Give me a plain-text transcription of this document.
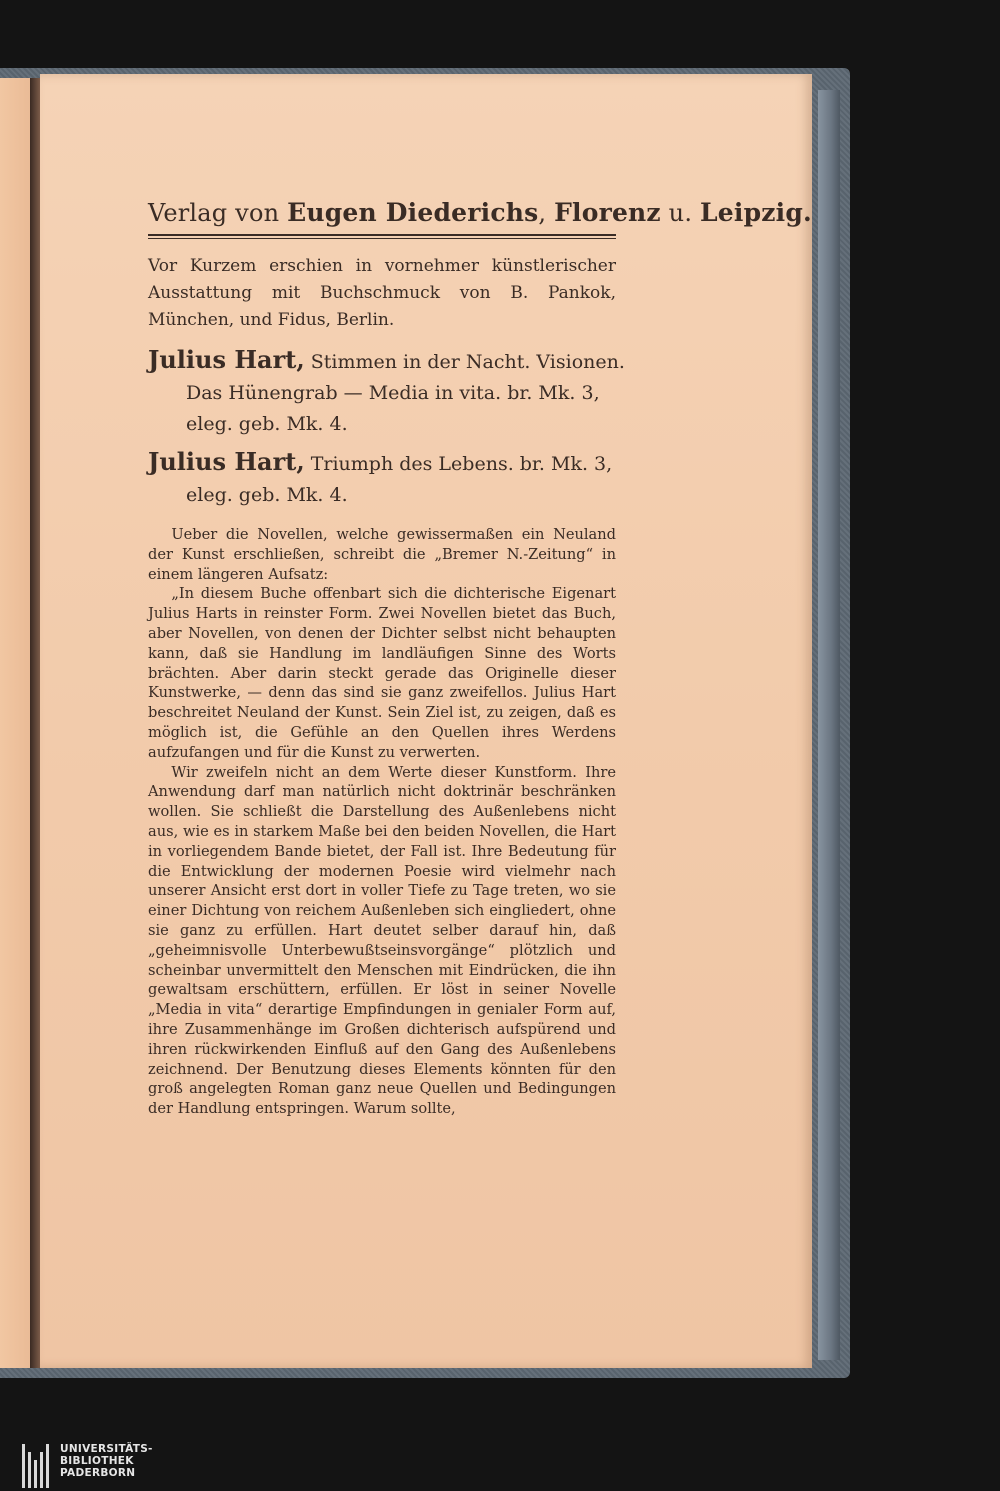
Verlag von Eugen Diederichs, Florenz u. Leipzig.

Vor Kurzem erschien in vornehmer künstlerischer Ausstattung mit Buchschmuck von B. Pankok, München, und Fidus, Berlin.

Julius Hart, Stimmen in der Nacht. Visionen.
Das Hünengrab — Media in vita. br. Mk. 3,
eleg. geb. Mk. 4.
Julius Hart, Triumph des Lebens. br. Mk. 3,
eleg. geb. Mk. 4.

Ueber die Novellen, welche gewissermaßen ein Neuland der Kunst erschließen, schreibt die „Bremer N.-Zeitung“ in einem längeren Aufsatz:

„In diesem Buche offenbart sich die dichterische Eigenart Julius Harts in reinster Form. Zwei Novellen bietet das Buch, aber Novellen, von denen der Dichter selbst nicht behaupten kann, daß sie Handlung im landläufigen Sinne des Worts brächten. Aber darin steckt gerade das Originelle dieser Kunstwerke, — denn das sind sie ganz zweifellos. Julius Hart beschreitet Neuland der Kunst. Sein Ziel ist, zu zeigen, daß es möglich ist, die Gefühle an den Quellen ihres Werdens aufzufangen und für die Kunst zu verwerten.

Wir zweifeln nicht an dem Werte dieser Kunstform. Ihre Anwendung darf man natürlich nicht doktrinär beschränken wollen. Sie schließt die Darstellung des Außenlebens nicht aus, wie es in starkem Maße bei den beiden Novellen, die Hart in vorliegendem Bande bietet, der Fall ist. Ihre Bedeutung für die Entwicklung der modernen Poesie wird vielmehr nach unserer Ansicht erst dort in voller Tiefe zu Tage treten, wo sie einer Dichtung von reichem Außenleben sich eingliedert, ohne sie ganz zu erfüllen. Hart deutet selber darauf hin, daß „geheimnisvolle Unterbewußtseinsvorgänge“ plötzlich und scheinbar unvermittelt den Menschen mit Eindrücken, die ihn gewaltsam erschüttern, erfüllen. Er löst in seiner Novelle „Media in vita“ derartige Empfindungen in genialer Form auf, ihre Zusammenhänge im Großen dichterisch aufspürend und ihren rückwirkenden Einfluß auf den Gang des Außenlebens zeichnend. Der Benutzung dieses Elements könnten für den groß angelegten Roman ganz neue Quellen und Bedingungen der Handlung entspringen. Warum sollte,

UNIVERSITÄTS-
BIBLIOTHEK
PADERBORN
